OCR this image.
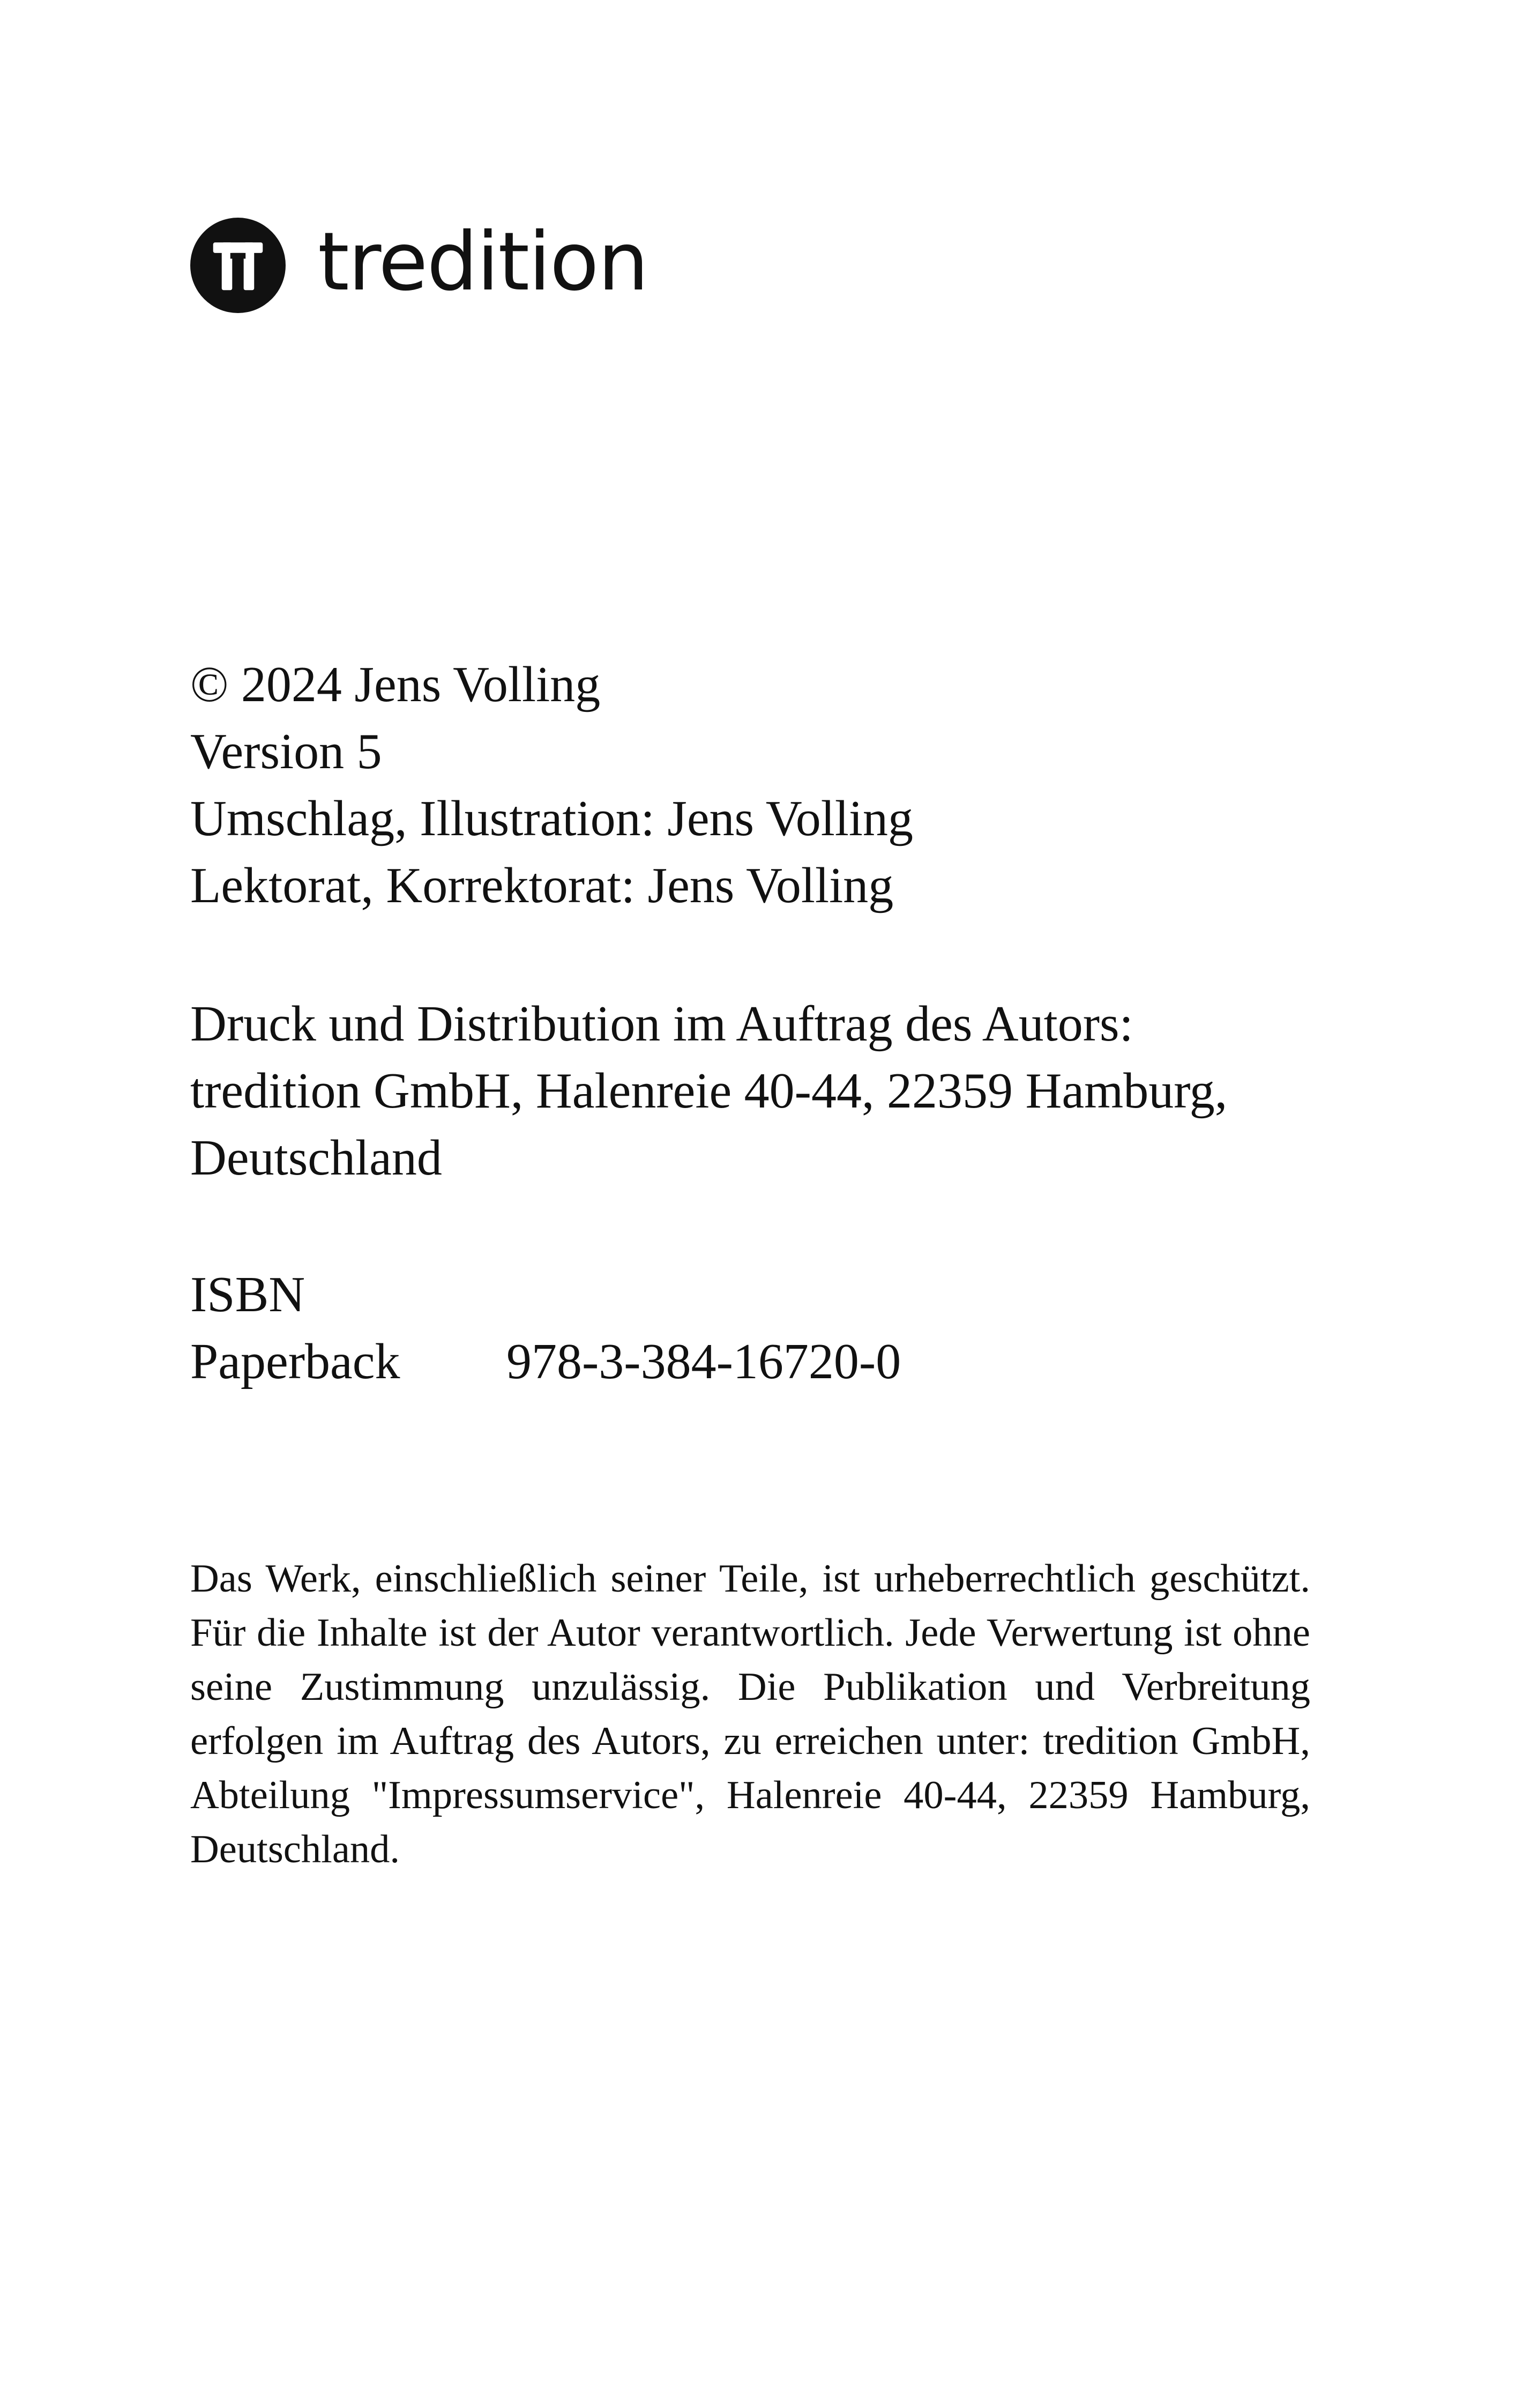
tredition
© 2024 Jens Volling
Version 5
Umschlag, Illustration: Jens Volling
Lektorat, Korrektorat: Jens Volling
Druck und Distribution im Auftrag des Autors:
tredition GmbH, Halenreie 40-44, 22359 Hamburg,
Deutschland
ISBN
Paperback	978-3-384-16720-0

Das Werk, einschließlich seiner Teile, ist urheberrechtlich geschützt. Für die Inhalte ist der Autor verantwortlich. Jede Verwertung ist ohne seine Zustimmung unzulässig. Die Publikation und Verbreitung erfolgen im Auftrag des Autors, zu erreichen unter: tredition GmbH, Abteilung "Impressumservice", Halenreie 40-44, 22359 Hamburg, Deutschland.
